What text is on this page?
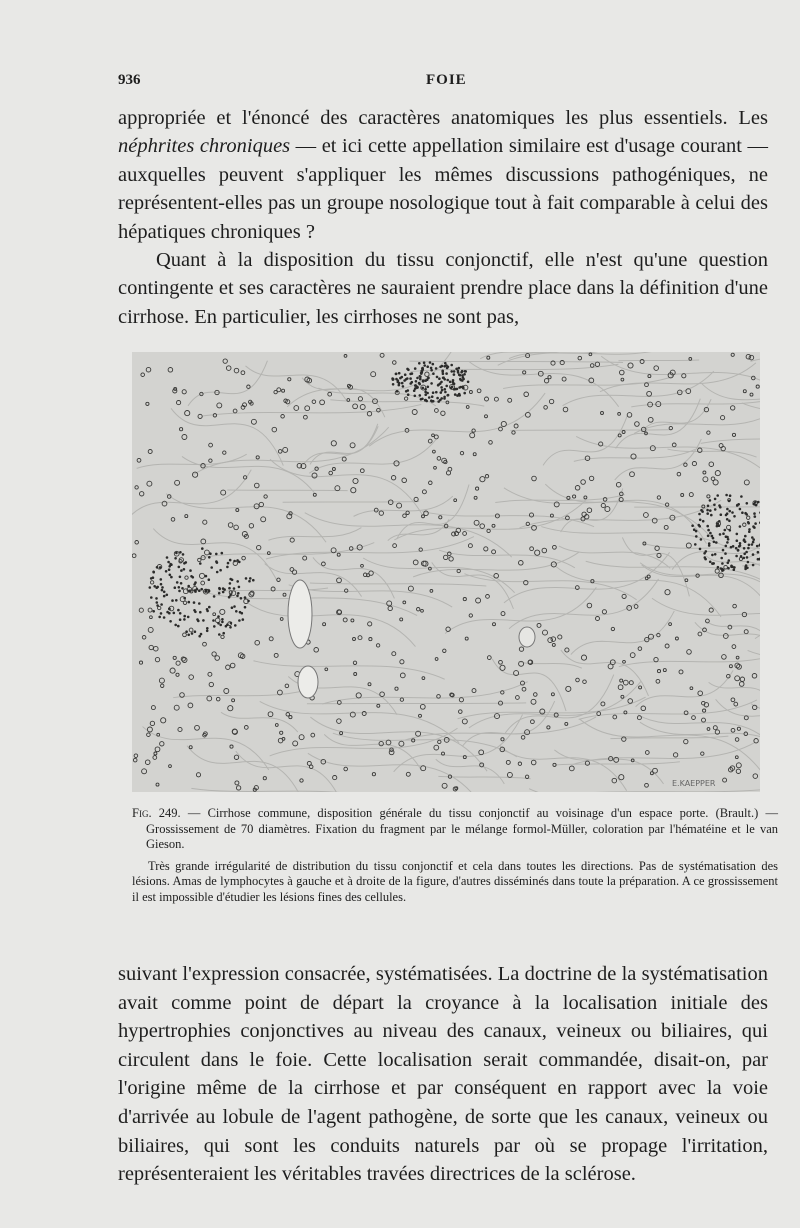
936	FOIE

appropriée et l'énoncé des caractères anatomiques les plus essentiels. Les néphrites chroniques — et ici cette appellation similaire est d'usage courant — auxquelles peuvent s'appliquer les mêmes discussions pathogéniques, ne représentent-elles pas un groupe nosologique tout à fait comparable à celui des hépatiques chroniques ?

Quant à la disposition du tissu conjonctif, elle n'est qu'une question contingente et ses caractères ne sauraient prendre place dans la définition d'une cirrhose. En particulier, les cirrhoses ne sont pas,

E.KAEPPER

Fig. 249. — Cirrhose commune, disposition générale du tissu conjonctif au voisinage d'un espace porte. (Brault.) — Grossissement de 70 diamètres. Fixation du fragment par le mélange formol-Müller, coloration par l'hématéine et le van Gieson.

Très grande irrégularité de distribution du tissu conjonctif et cela dans toutes les directions. Pas de systématisation des lésions. Amas de lymphocytes à gauche et à droite de la figure, d'autres disséminés dans toute la préparation. A ce grossissement il est impossible d'étudier les lésions fines des cellules.

suivant l'expression consacrée, systématisées. La doctrine de la systématisation avait comme point de départ la croyance à la localisation initiale des hypertrophies conjonctives au niveau des canaux, veineux ou biliaires, qui circulent dans le foie. Cette localisation serait commandée, disait-on, par l'origine même de la cirrhose et par conséquent en rapport avec la voie d'arrivée au lobule de l'agent pathogène, de sorte que les canaux, veineux ou biliaires, qui sont les conduits naturels par où se propage l'irritation, représenteraient les véritables travées directrices de la sclérose.
